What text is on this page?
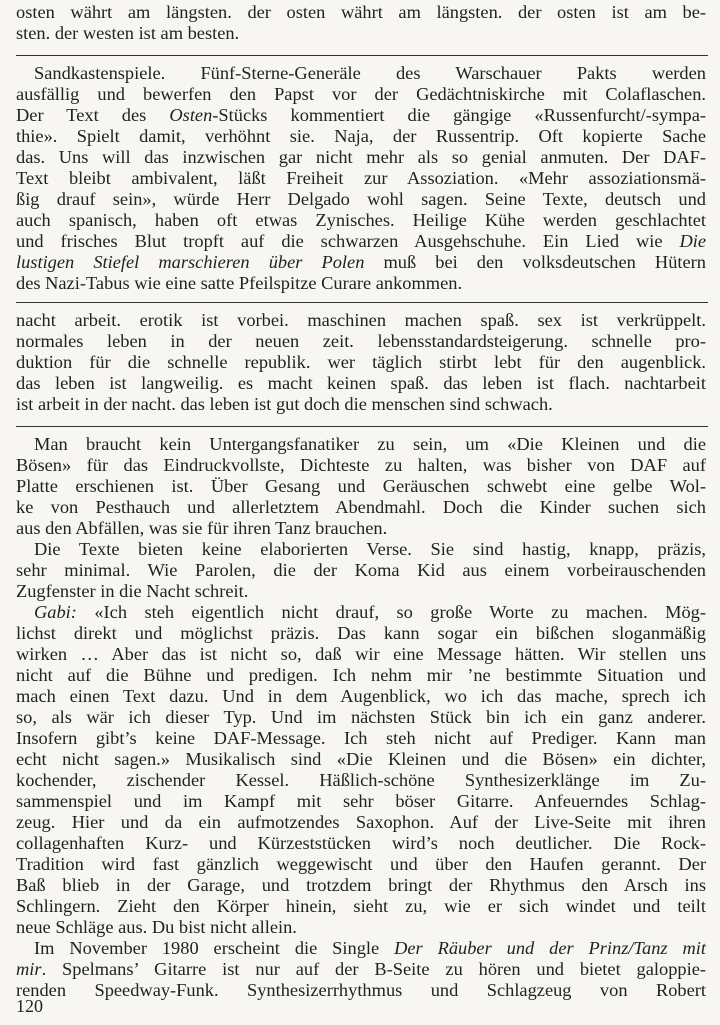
osten währt am längsten. der osten währt am längsten. der osten ist am be-
sten. der westen ist am besten.
Sandkastenspiele. Fünf-Sterne-Generäle des Warschauer Pakts werden
ausfällig und bewerfen den Papst vor der Gedächtniskirche mit Colaflaschen.
Der Text des Osten-Stücks kommentiert die gängige «Russenfurcht/-sympa-
thie». Spielt damit, verhöhnt sie. Naja, der Russentrip. Oft kopierte Sache
das. Uns will das inzwischen gar nicht mehr als so genial anmuten. Der DAF-
Text bleibt ambivalent, läßt Freiheit zur Assoziation. «Mehr assoziationsmä-
ßig drauf sein», würde Herr Delgado wohl sagen. Seine Texte, deutsch und
auch spanisch, haben oft etwas Zynisches. Heilige Kühe werden geschlachtet
und frisches Blut tropft auf die schwarzen Ausgehschuhe. Ein Lied wie Die
lustigen Stiefel marschieren über Polen muß bei den volksdeutschen Hütern
des Nazi-Tabus wie eine satte Pfeilspitze Curare ankommen.
nacht arbeit. erotik ist vorbei. maschinen machen spaß. sex ist verkrüppelt.
normales leben in der neuen zeit. lebensstandardsteigerung. schnelle pro-
duktion für die schnelle republik. wer täglich stirbt lebt für den augenblick.
das leben ist langweilig. es macht keinen spaß. das leben ist flach. nachtarbeit
ist arbeit in der nacht. das leben ist gut doch die menschen sind schwach.
Man braucht kein Untergangsfanatiker zu sein, um «Die Kleinen und die
Bösen» für das Eindruckvollste, Dichteste zu halten, was bisher von DAF auf
Platte erschienen ist. Über Gesang und Geräuschen schwebt eine gelbe Wol-
ke von Pesthauch und allerletztem Abendmahl. Doch die Kinder suchen sich
aus den Abfällen, was sie für ihren Tanz brauchen.
Die Texte bieten keine elaborierten Verse. Sie sind hastig, knapp, präzis,
sehr minimal. Wie Parolen, die der Koma Kid aus einem vorbeirauschenden
Zugfenster in die Nacht schreit.
Gabi: «Ich steh eigentlich nicht drauf, so große Worte zu machen. Mög-
lichst direkt und möglichst präzis. Das kann sogar ein bißchen sloganmäßig
wirken … Aber das ist nicht so, daß wir eine Message hätten. Wir stellen uns
nicht auf die Bühne und predigen. Ich nehm mir ’ne bestimmte Situation und
mach einen Text dazu. Und in dem Augenblick, wo ich das mache, sprech ich
so, als wär ich dieser Typ. Und im nächsten Stück bin ich ein ganz anderer.
Insofern gibt’s keine DAF-Message. Ich steh nicht auf Prediger. Kann man
echt nicht sagen.» Musikalisch sind «Die Kleinen und die Bösen» ein dichter,
kochender, zischender Kessel. Häßlich-schöne Synthesizerklänge im Zu-
sammenspiel und im Kampf mit sehr böser Gitarre. Anfeuerndes Schlag-
zeug. Hier und da ein aufmotzendes Saxophon. Auf der Live-Seite mit ihren
collagenhaften Kurz- und Kürzeststücken wird’s noch deutlicher. Die Rock-
Tradition wird fast gänzlich weggewischt und über den Haufen gerannt. Der
Baß blieb in der Garage, und trotzdem bringt der Rhythmus den Arsch ins
Schlingern. Zieht den Körper hinein, sieht zu, wie er sich windet und teilt
neue Schläge aus. Du bist nicht allein.
Im November 1980 erscheint die Single Der Räuber und der Prinz/Tanz mit
mir. Spelmans’ Gitarre ist nur auf der B-Seite zu hören und bietet galoppie-
renden Speedway-Funk. Synthesizerrhythmus und Schlagzeug von Robert
120
